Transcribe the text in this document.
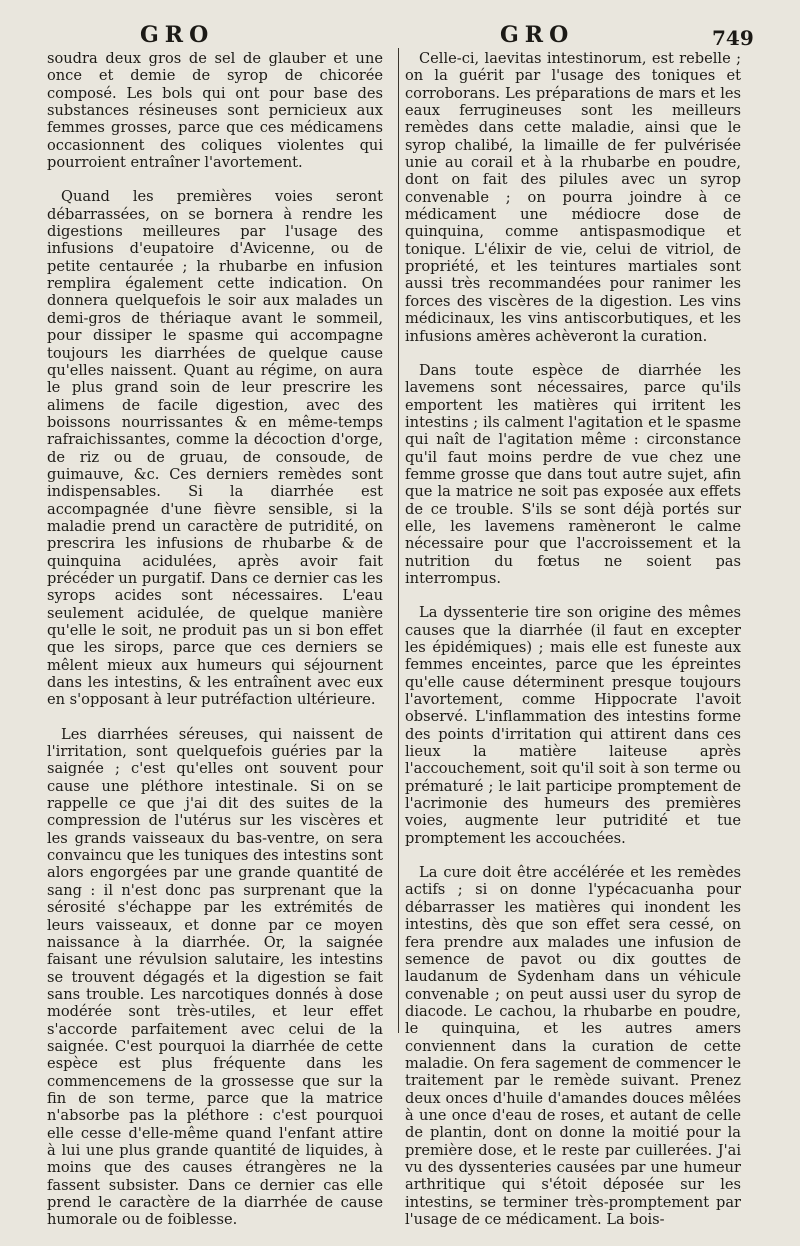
GRO	GRO	749

soudra deux gros de sel de glauber et une once et demie de syrop de chicorée composé. Les bols qui ont pour base des substances résineuses sont pernicieux aux femmes grosses, parce que ces médicamens occasionnent des coliques violentes qui pourroient entraîner l'avortement.

Quand les premières voies seront débarrassées, on se bornera à rendre les digestions meilleures par l'usage des infusions d'eupatoire d'Avicenne, ou de petite centaurée ; la rhubarbe en infusion remplira également cette indication. On donnera quelquefois le soir aux malades un demi-gros de thériaque avant le sommeil, pour dissiper le spasme qui accompagne toujours les diarrhées de quelque cause qu'elles naissent. Quant au régime, on aura le plus grand soin de leur prescrire les alimens de facile digestion, avec des boissons nourrissantes & en même-temps rafraichissantes, comme la décoction d'orge, de riz ou de gruau, de consoude, de guimauve, &c. Ces derniers remèdes sont indispensables. Si la diarrhée est accompagnée d'une fièvre sensible, si la maladie prend un caractère de putridité, on prescrira les infusions de rhubarbe & de quinquina acidulées, après avoir fait précéder un purgatif. Dans ce dernier cas les syrops acides sont nécessaires. L'eau seulement acidulée, de quelque manière qu'elle le soit, ne produit pas un si bon effet que les sirops, parce que ces derniers se mêlent mieux aux humeurs qui séjournent dans les intestins, & les entraînent avec eux en s'opposant à leur putréfaction ultérieure.

Les diarrhées séreuses, qui naissent de l'irritation, sont quelquefois guéries par la saignée ; c'est qu'elles ont souvent pour cause une pléthore intestinale. Si on se rappelle ce que j'ai dit des suites de la compression de l'utérus sur les viscères et les grands vaisseaux du bas-ventre, on sera convaincu que les tuniques des intestins sont alors engorgées par une grande quantité de sang : il n'est donc pas surprenant que la sérosité s'échappe par les extrémités de leurs vaisseaux, et donne par ce moyen naissance à la diarrhée. Or, la saignée faisant une révulsion salutaire, les intestins se trouvent dégagés et la digestion se fait sans trouble. Les narcotiques donnés à dose modérée sont très-utiles, et leur effet s'accorde parfaitement avec celui de la saignée. C'est pourquoi la diarrhée de cette espèce est plus fréquente dans les commencemens de la grossesse que sur la fin de son terme, parce que la matrice n'absorbe pas la pléthore : c'est pourquoi elle cesse d'elle-même quand l'enfant attire à lui une plus grande quantité de liquides, à moins que des causes étrangères ne la fassent subsister. Dans ce dernier cas elle prend le caractère de la diarrhée de cause humorale ou de foiblesse.

Celle-ci, laevitas intestinorum, est rebelle ; on la guérit par l'usage des toniques et corroborans. Les préparations de mars et les eaux ferrugineuses sont les meilleurs remèdes dans cette maladie, ainsi que le syrop chalibé, la limaille de fer pulvérisée unie au corail et à la rhubarbe en poudre, dont on fait des pilules avec un syrop convenable ; on pourra joindre à ce médicament une médiocre dose de quinquina, comme antispasmodique et tonique. L'élixir de vie, celui de vitriol, de propriété, et les teintures martiales sont aussi très recommandées pour ranimer les forces des viscères de la digestion. Les vins médicinaux, les vins antiscorbutiques, et les infusions amères achèveront la curation.

Dans toute espèce de diarrhée les lavemens sont nécessaires, parce qu'ils emportent les matières qui irritent les intestins ; ils calment l'agitation et le spasme qui naît de l'agitation même : circonstance qu'il faut moins perdre de vue chez une femme grosse que dans tout autre sujet, afin que la matrice ne soit pas exposée aux effets de ce trouble. S'ils se sont déjà portés sur elle, les lavemens ramèneront le calme nécessaire pour que l'accroissement et la nutrition du fœtus ne soient pas interrompus.

La dyssenterie tire son origine des mêmes causes que la diarrhée (il faut en excepter les épidémiques) ; mais elle est funeste aux femmes enceintes, parce que les épreintes qu'elle cause déterminent presque toujours l'avortement, comme Hippocrate l'avoit observé. L'inflammation des intestins forme des points d'irritation qui attirent dans ces lieux la matière laiteuse après l'accouchement, soit qu'il soit à son terme ou prématuré ; le lait participe promptement de l'acrimonie des humeurs des premières voies, augmente leur putridité et tue promptement les accouchées.

La cure doit être accélérée et les remèdes actifs ; si on donne l'ypécacuanha pour débarrasser les matières qui inondent les intestins, dès que son effet sera cessé, on fera prendre aux malades une infusion de semence de pavot ou dix gouttes de laudanum de Sydenham dans un véhicule convenable ; on peut aussi user du syrop de diacode. Le cachou, la rhubarbe en poudre, le quinquina, et les autres amers conviennent dans la curation de cette maladie. On fera sagement de commencer le traitement par le remède suivant. Prenez deux onces d'huile d'amandes douces mêlées à une once d'eau de roses, et autant de celle de plantin, dont on donne la moitié pour la première dose, et le reste par cuillerées. J'ai vu des dyssenteries causées par une humeur arthritique qui s'étoit déposée sur les intestins, se terminer très-promptement par l'usage de ce médicament. La bois-
